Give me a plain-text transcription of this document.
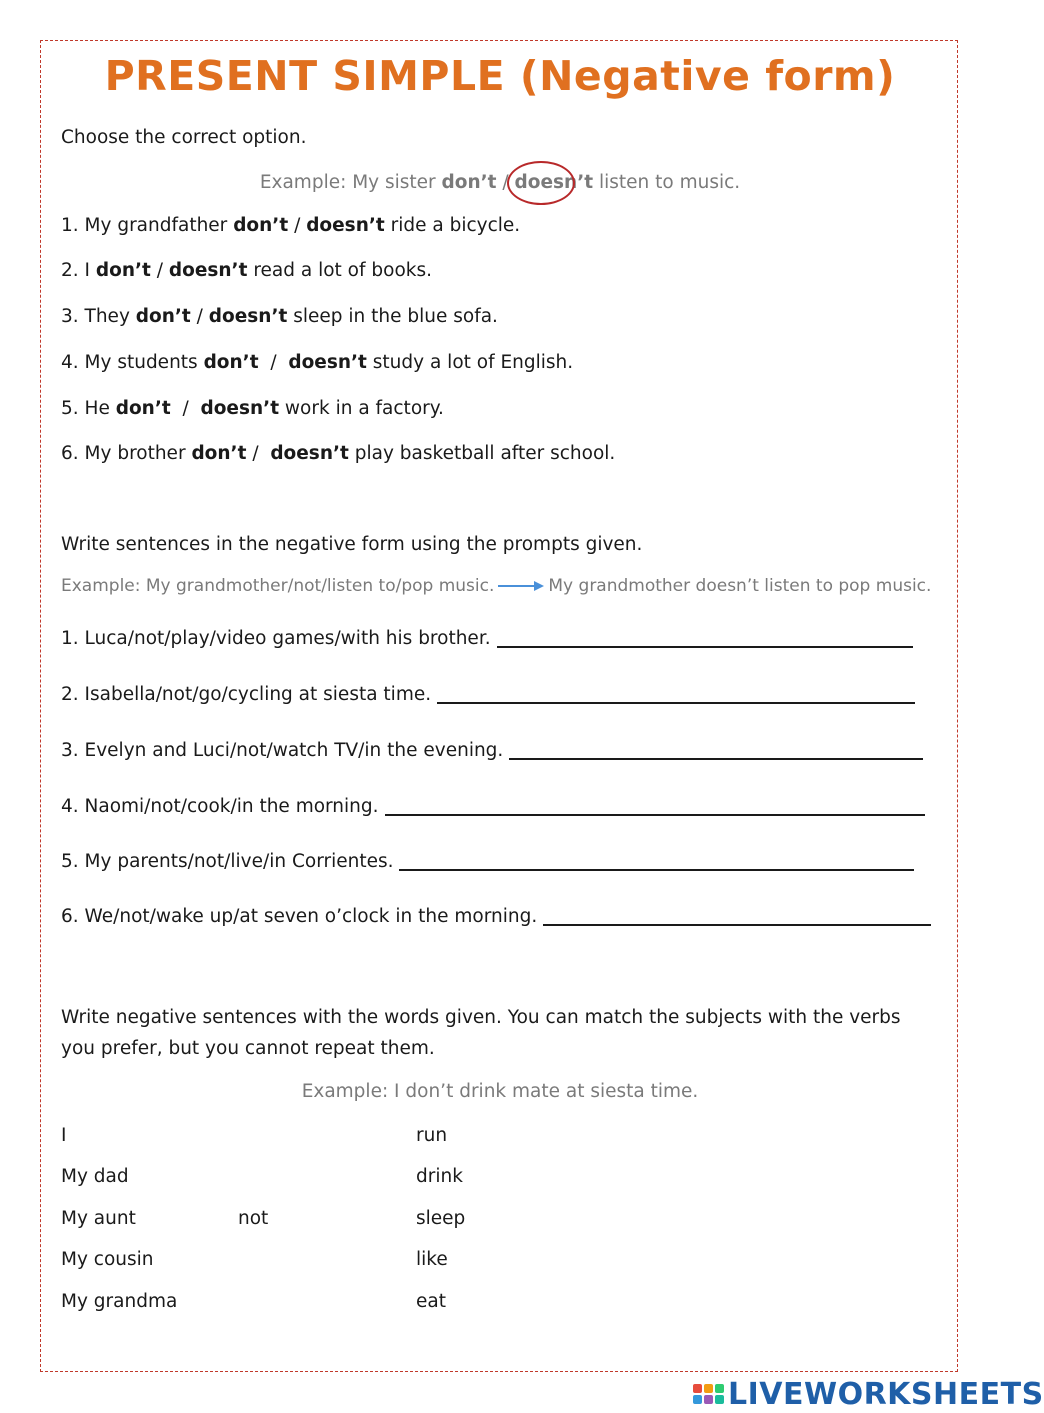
PRESENT SIMPLE (Negative form)
Choose the correct option.
Example: My sister don’t / doesn’t
listen to music.
1. My grandfather don’t / doesn’t ride a bicycle.
2. I don’t / doesn’t read a lot of books.
3. They don’t / doesn’t sleep in the blue sofa.
4. My students don’t  /  doesn’t study a lot of English.
5. He don’t  /  doesn’t work in a factory.
6. My brother don’t /  doesn’t play basketball after school.
Write sentences in the negative form using the prompts given.
Example: My grandmother/not/listen to/pop music.	My grandmother doesn’t listen to pop music.
1. Luca/not/play/video games/with his brother.
2. Isabella/not/go/cycling at siesta time.
3. Evelyn and Luci/not/watch TV/in the evening.
4. Naomi/not/cook/in the morning.
5. My parents/not/live/in Corrientes.
6. We/not/wake up/at seven o’clock in the morning.
Write negative sentences with the words given. You can match the subjects with the verbs
you prefer, but you cannot repeat them.
Example: I don’t drink mate at siesta time.
I
My dad
My aunt
My cousin
My grandma
not
run
drink
sleep
like
eat
LIVEWORKSHEETS
